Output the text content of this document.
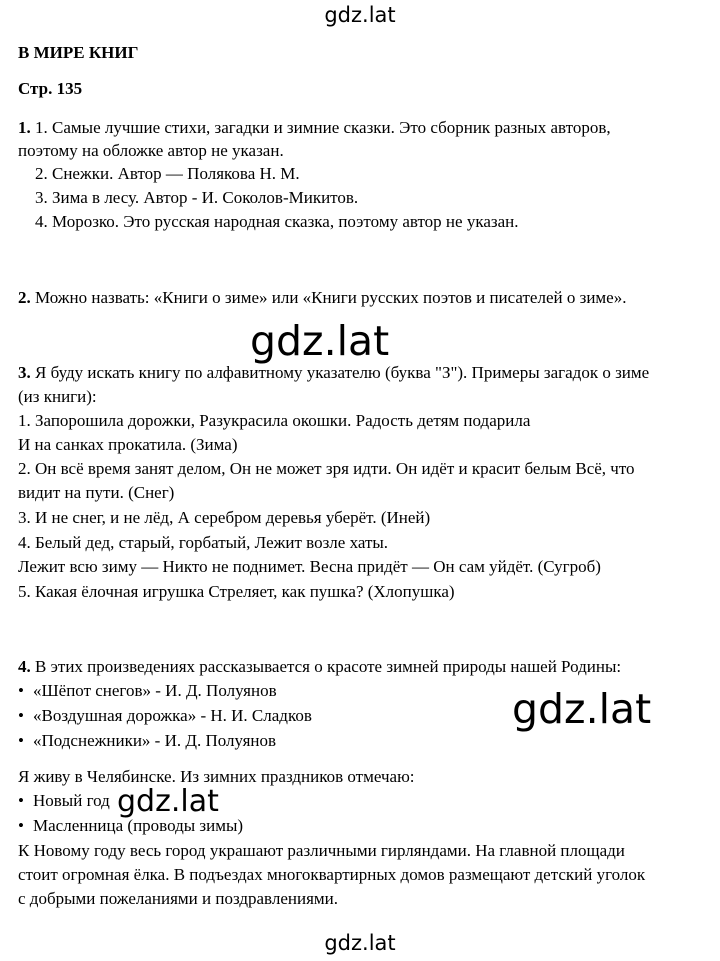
gdz.lat
В МИРЕ КНИГ
Стр. 135
1. 1. Самые лучшие стихи, загадки и зимние сказки. Это сборник разных авторов,
поэтому на обложке автор не указан.
2. Снежки. Автор — Полякова Н. М.
3. Зима в лесу. Автор - И. Соколов-Микитов.
4. Морозко. Это русская народная сказка, поэтому автор не указан.
2. Можно назвать: «Книги о зиме» или «Книги русских поэтов и писателей о зиме».
3. Я буду искать книгу по алфавитному указателю (буква "З"). Примеры загадок о зиме
(из книги):
1. Запорошила дорожки, Разукрасила окошки. Радость детям подарила
И на санках прокатила. (Зима)
2. Он всё время занят делом, Он не может зря идти. Он идёт и красит белым Всё, что
видит на пути. (Снег)
3. И не снег, и не лёд, А серебром деревья уберёт. (Иней)
4. Белый дед, старый, горбатый, Лежит возле хаты.
Лежит всю зиму — Никто не поднимет. Весна придёт — Он сам уйдёт. (Сугроб)
5. Какая ёлочная игрушка Стреляет, как пушка? (Хлопушка)
4. В этих произведениях рассказывается о красоте зимней природы нашей Родины:
• «Шёпот снегов» - И. Д. Полуянов
• «Воздушная дорожка» - Н. И. Сладков
• «Подснежники» - И. Д. Полуянов
Я живу в Челябинске. Из зимних праздников отмечаю:
• Новый год
• Масленница (проводы зимы)
К Новому году весь город украшают различными гирляндами. На главной площади
стоит огромная ёлка. В подъездах многоквартирных домов размещают детский уголок
с добрыми пожеланиями и поздравлениями.
gdz.lat
gdz.lat
gdz.lat
gdz.lat
